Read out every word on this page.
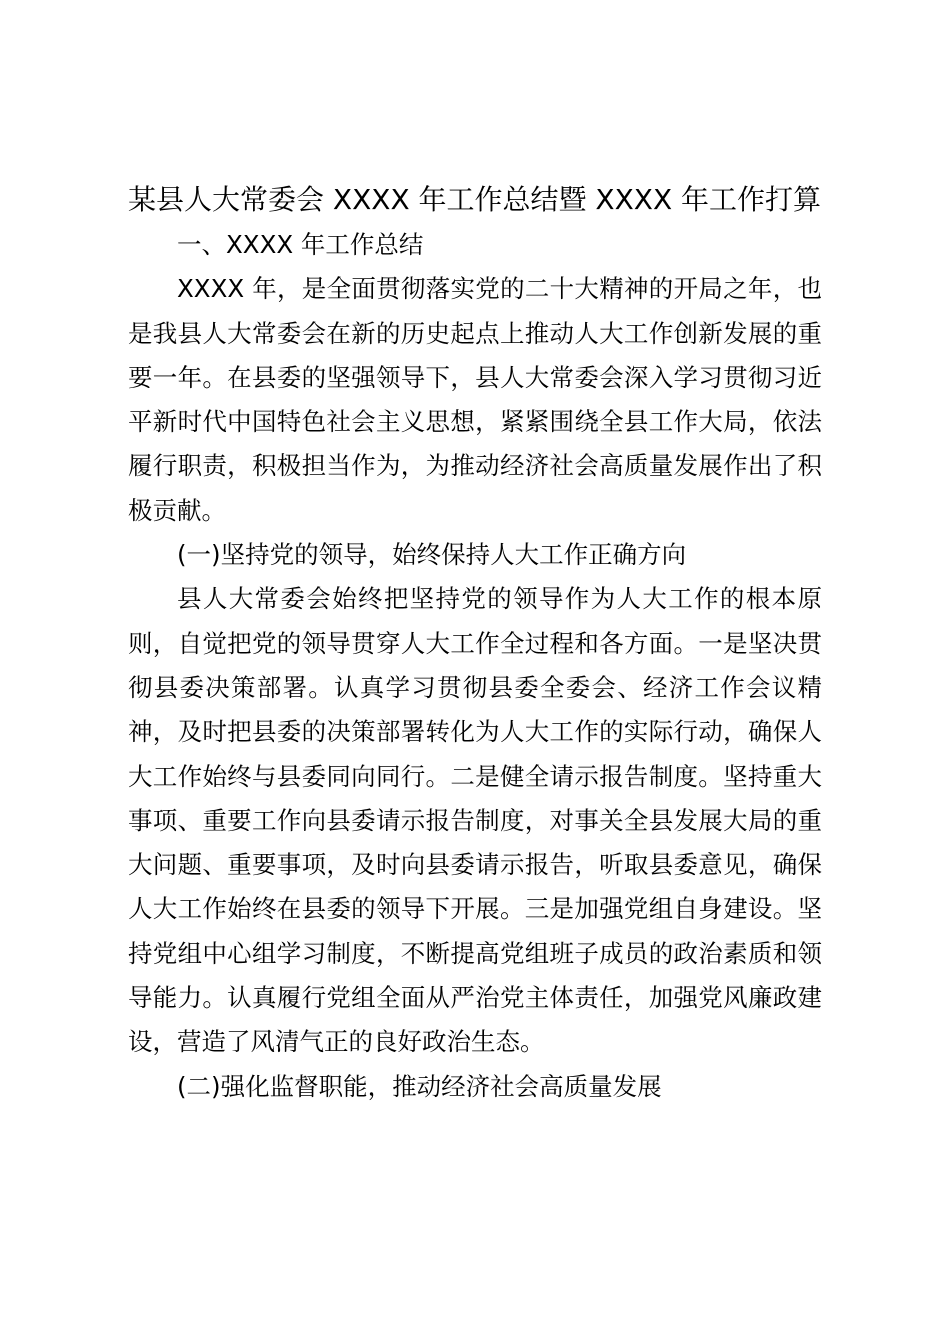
某县人大常委会 XXXX 年工作总结暨 XXXX 年工作打算

一、XXXX 年工作总结

XXXX 年，是全面贯彻落实党的二十大精神的开局之年，也是我县人大常委会在新的历史起点上推动人大工作创新发展的重要一年。在县委的坚强领导下，县人大常委会深入学习贯彻习近平新时代中国特色社会主义思想，紧紧围绕全县工作大局，依法履行职责，积极担当作为，为推动经济社会高质量发展作出了积极贡献。

(一)坚持党的领导，始终保持人大工作正确方向

县人大常委会始终把坚持党的领导作为人大工作的根本原则，自觉把党的领导贯穿人大工作全过程和各方面。一是坚决贯彻县委决策部署。认真学习贯彻县委全委会、经济工作会议精神，及时把县委的决策部署转化为人大工作的实际行动，确保人大工作始终与县委同向同行。二是健全请示报告制度。坚持重大事项、重要工作向县委请示报告制度，对事关全县发展大局的重大问题、重要事项，及时向县委请示报告，听取县委意见，确保人大工作始终在县委的领导下开展。三是加强党组自身建设。坚持党组中心组学习制度，不断提高党组班子成员的政治素质和领导能力。认真履行党组全面从严治党主体责任，加强党风廉政建设，营造了风清气正的良好政治生态。

(二)强化监督职能，推动经济社会高质量发展
